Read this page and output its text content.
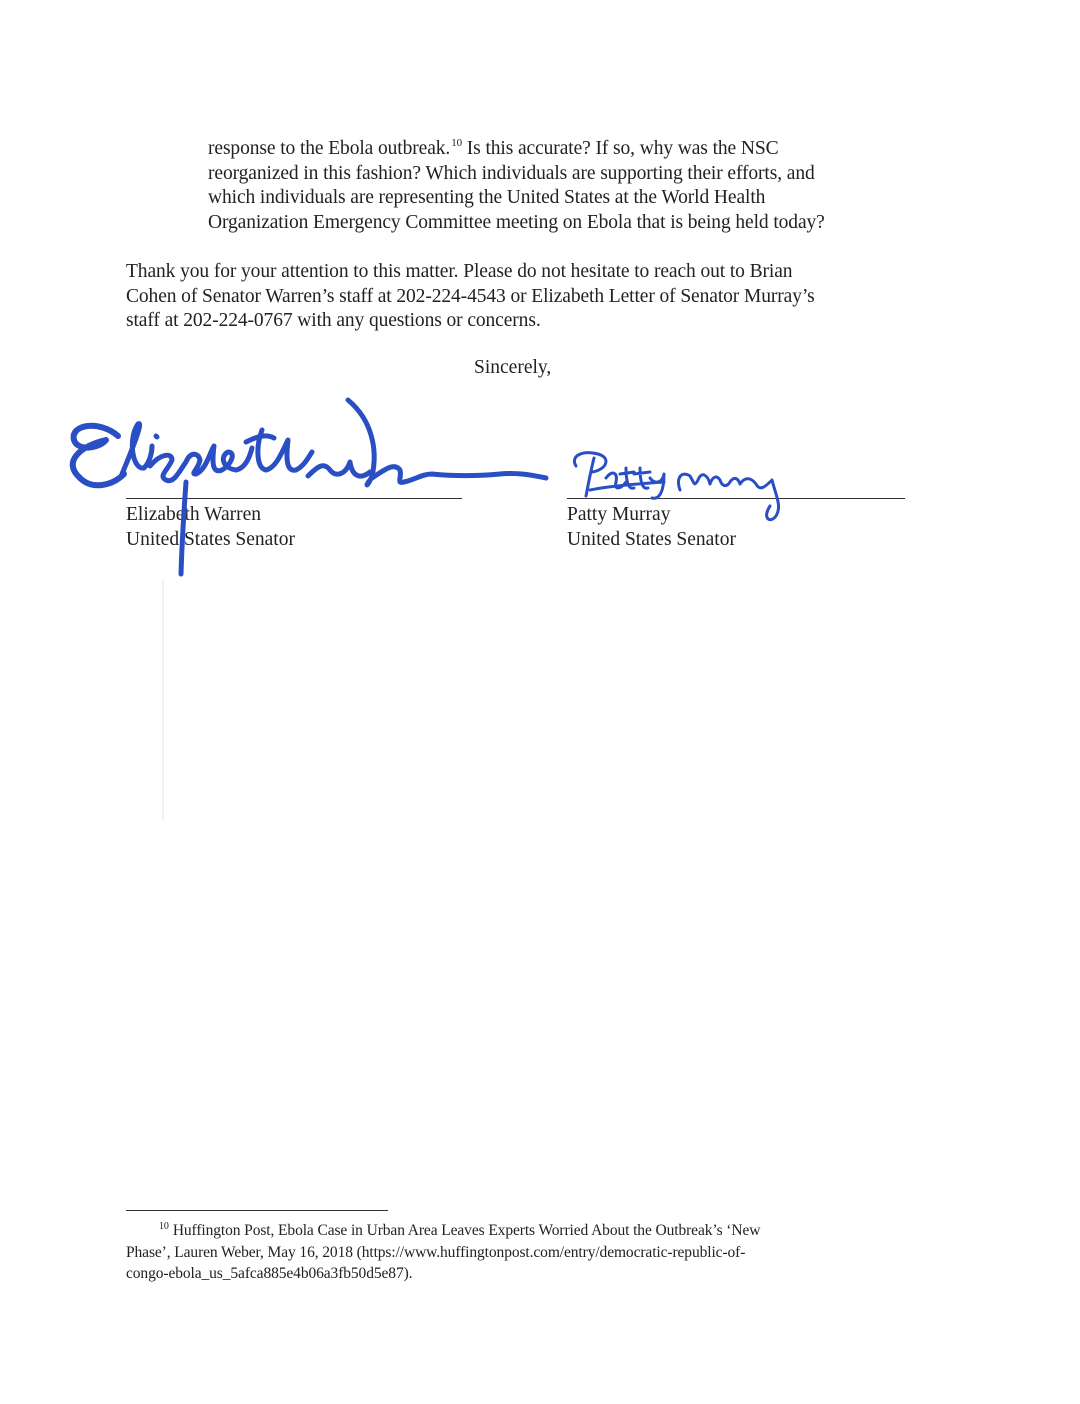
response to the Ebola outbreak.$^{10}$ Is this accurate? If so, why was the NSC
reorganized in this fashion? Which individuals are supporting their efforts, and
which individuals are representing the United States at the World Health
Organization Emergency Committee meeting on Ebola that is being held today?
Thank you for your attention to this matter. Please do not hesitate to reach out to Brian
Cohen of Senator Warren’s staff at 202-224-4543 or Elizabeth Letter of Senator Murray’s
staff at 202-224-0767 with any questions or concerns.
Sincerely,
Elizabeth Warren
United States Senator
Patty Murray
United States Senator
$^{10}$ Huffington Post, Ebola Case in Urban Area Leaves Experts Worried About the Outbreak’s ‘New
Phase’, Lauren Weber, May 16, 2018 (https://www.huffingtonpost.com/entry/democratic-republic-of-
congo-ebola_us_5afca885e4b06a3fb50d5e87).
